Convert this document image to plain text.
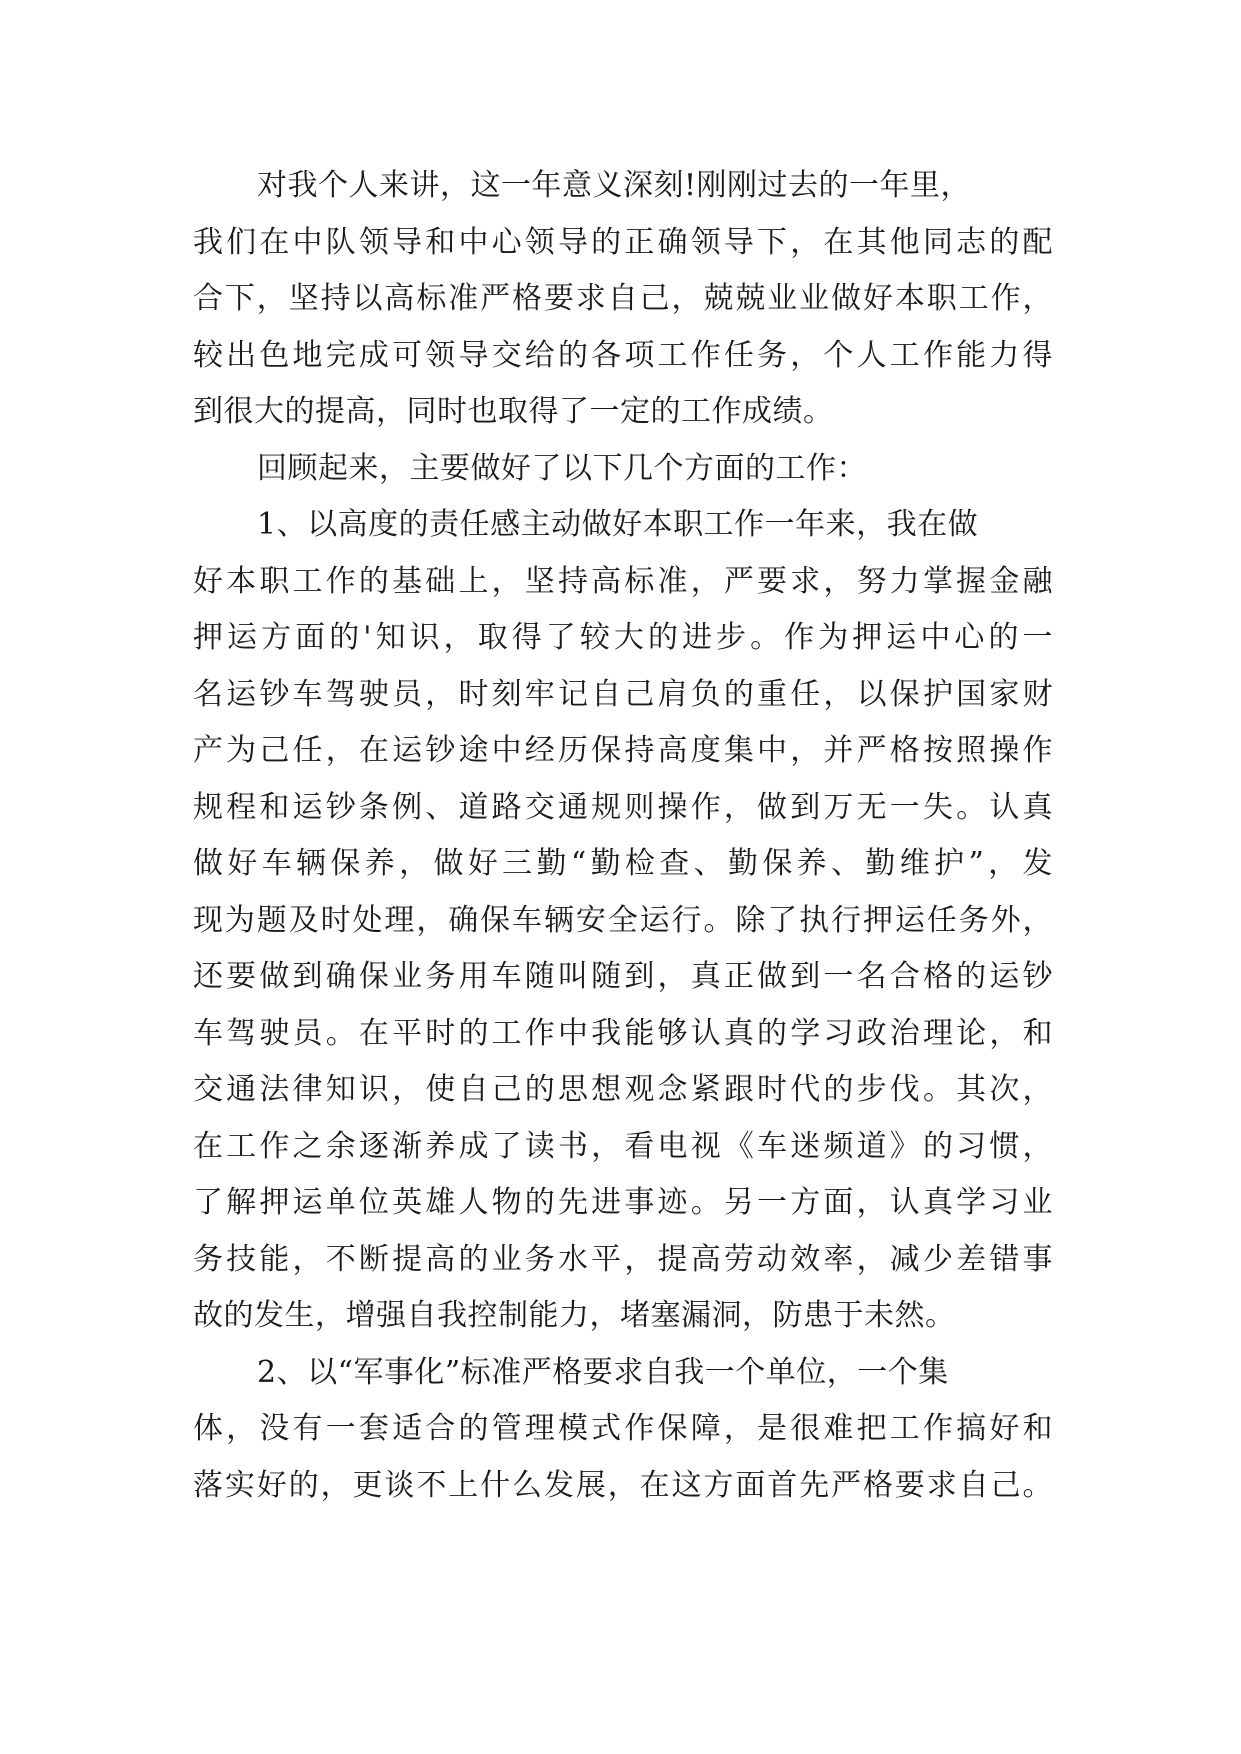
对我个人来讲，这一年意义深刻!刚刚过去的一年里，
我们在中队领导和中心领导的正确领导下，在其他同志的配
合下，坚持以高标准严格要求自己，兢兢业业做好本职工作，
较出色地完成可领导交给的各项工作任务，个人工作能力得
到很大的提高，同时也取得了一定的工作成绩。
回顾起来，主要做好了以下几个方面的工作：
1、以高度的责任感主动做好本职工作一年来，我在做
好本职工作的基础上，坚持高标准，严要求，努力掌握金融
押运方面的'知识，取得了较大的进步。作为押运中心的一
名运钞车驾驶员，时刻牢记自己肩负的重任，以保护国家财
产为己任，在运钞途中经历保持高度集中，并严格按照操作
规程和运钞条例、道路交通规则操作，做到万无一失。认真
做好车辆保养，做好三勤“勤检查、勤保养、勤维护”，发
现为题及时处理，确保车辆安全运行。除了执行押运任务外，
还要做到确保业务用车随叫随到，真正做到一名合格的运钞
车驾驶员。在平时的工作中我能够认真的学习政治理论，和
交通法律知识，使自己的思想观念紧跟时代的步伐。其次，
在工作之余逐渐养成了读书，看电视《车迷频道》的习惯，
了解押运单位英雄人物的先进事迹。另一方面，认真学习业
务技能，不断提高的业务水平，提高劳动效率，减少差错事
故的发生，增强自我控制能力，堵塞漏洞，防患于未然。
2、以“军事化”标准严格要求自我一个单位，一个集
体，没有一套适合的管理模式作保障，是很难把工作搞好和
落实好的，更谈不上什么发展，在这方面首先严格要求自己。
